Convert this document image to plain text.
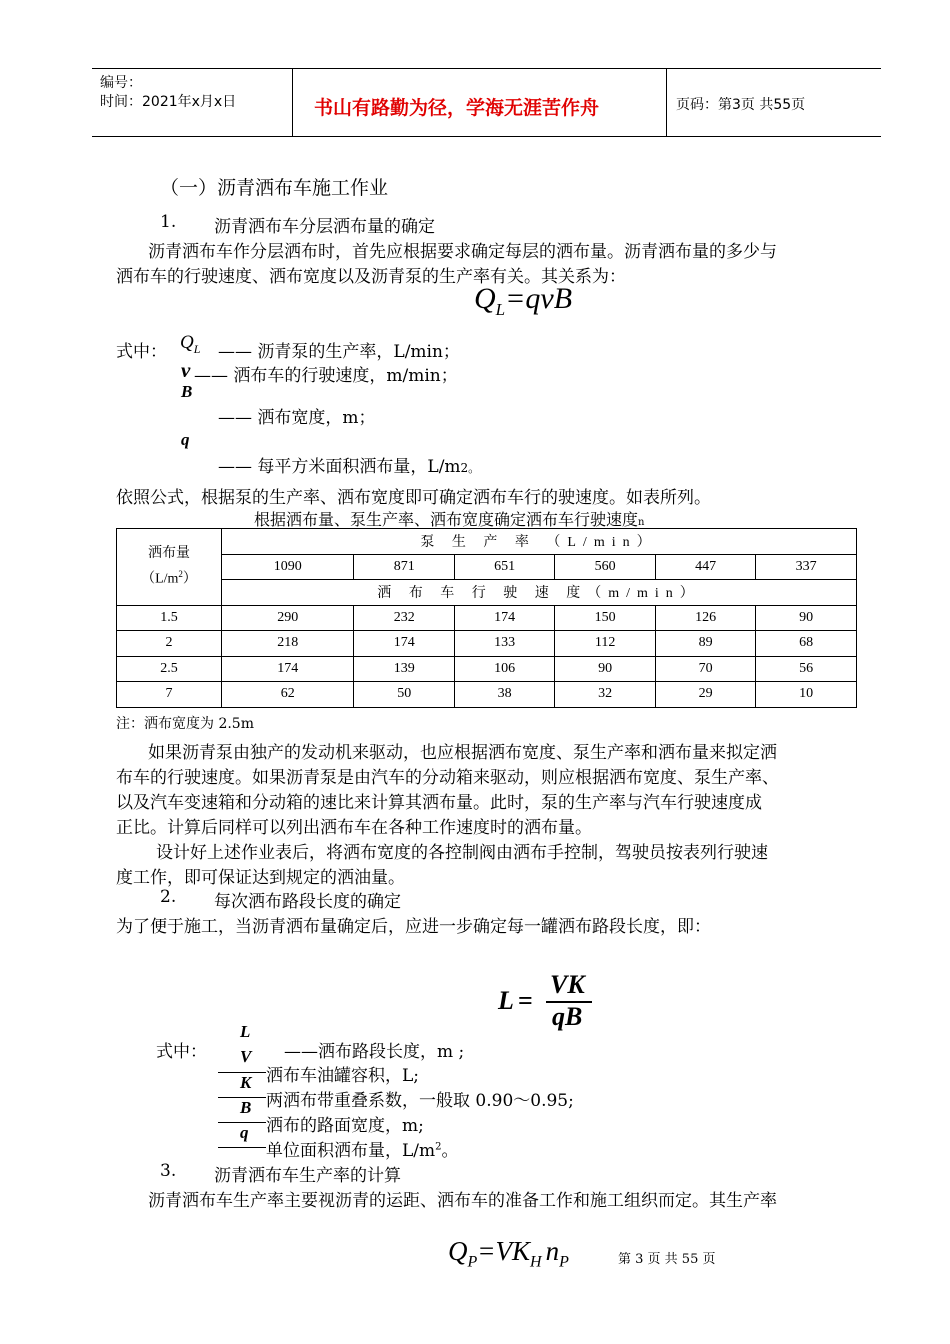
编号：
时间：2021年x月x日	书山有路勤为径，学海无涯苦作舟	页码：第3页 共55页
（一）沥青洒布车施工作业
1. 沥青洒布车分层洒布量的确定
沥青洒布车作分层洒布时，首先应根据要求确定每层的洒布量。沥青洒布量的多少与
洒布车的行驶速度、洒布宽度以及沥青泵的生产率有关。其关系为：
$Q_L=qvB$
式中： $Q_L$ —— 沥青泵的生产率，L/min；
v —— 洒布车的行驶速度，m/min；
B
—— 洒布宽度，m；
q
—— 每平方米面积洒布量，L/m2。
依照公式，根据泵的生产率、洒布宽度即可确定洒布车行的驶速度。如表所列。
根据洒布量、泵生产率、洒布宽度确定洒布车行驶速度n
洒布量
$(L/m^2)$	泵 生 产 率 （L/min）					
	1090	871	651	560	447	337
	洒 布 车 行 驶 速 度（m/min）					
1.5	290	232	174	150	126	90
2	218	174	133	112	89	68
2.5	174	139	106	90	70	56
7	62	50	38	32	29	10
注：洒布宽度为 2.5m
如果沥青泵由独产的发动机来驱动，也应根据洒布宽度、泵生产率和洒布量来拟定洒
布车的行驶速度。如果沥青泵是由汽车的分动箱来驱动，则应根据洒布宽度、泵生产率、
以及汽车变速箱和分动箱的速比来计算其洒布量。此时，泵的生产率与汽车行驶速度成
正比。计算后同样可以列出洒布车在各种工作速度时的洒布量。
设计好上述作业表后，将洒布宽度的各控制阀由洒布手控制，驾驶员按表列行驶速
度工作，即可保证达到规定的洒油量。
2. 每次洒布路段长度的确定
为了便于施工，当沥青洒布量确定后，应进一步确定每一罐洒布路段长度，即：
L =
VK
qB
式中：
L
——洒布路段长度，m ;
V
洒布车油罐容积，L;
K
两洒布带重叠系数，一般取 0.90～0.95;
B
洒布的路面宽度，m;
q
单位面积洒布量，$L/m^2$。
3. 沥青洒布车生产率的计算
沥青洒布车生产率主要视沥青的运距、洒布车的准备工作和施工组织而定。其生产率
$Q_P=VK_H$ $n_P$	第 3 页 共 55 页
